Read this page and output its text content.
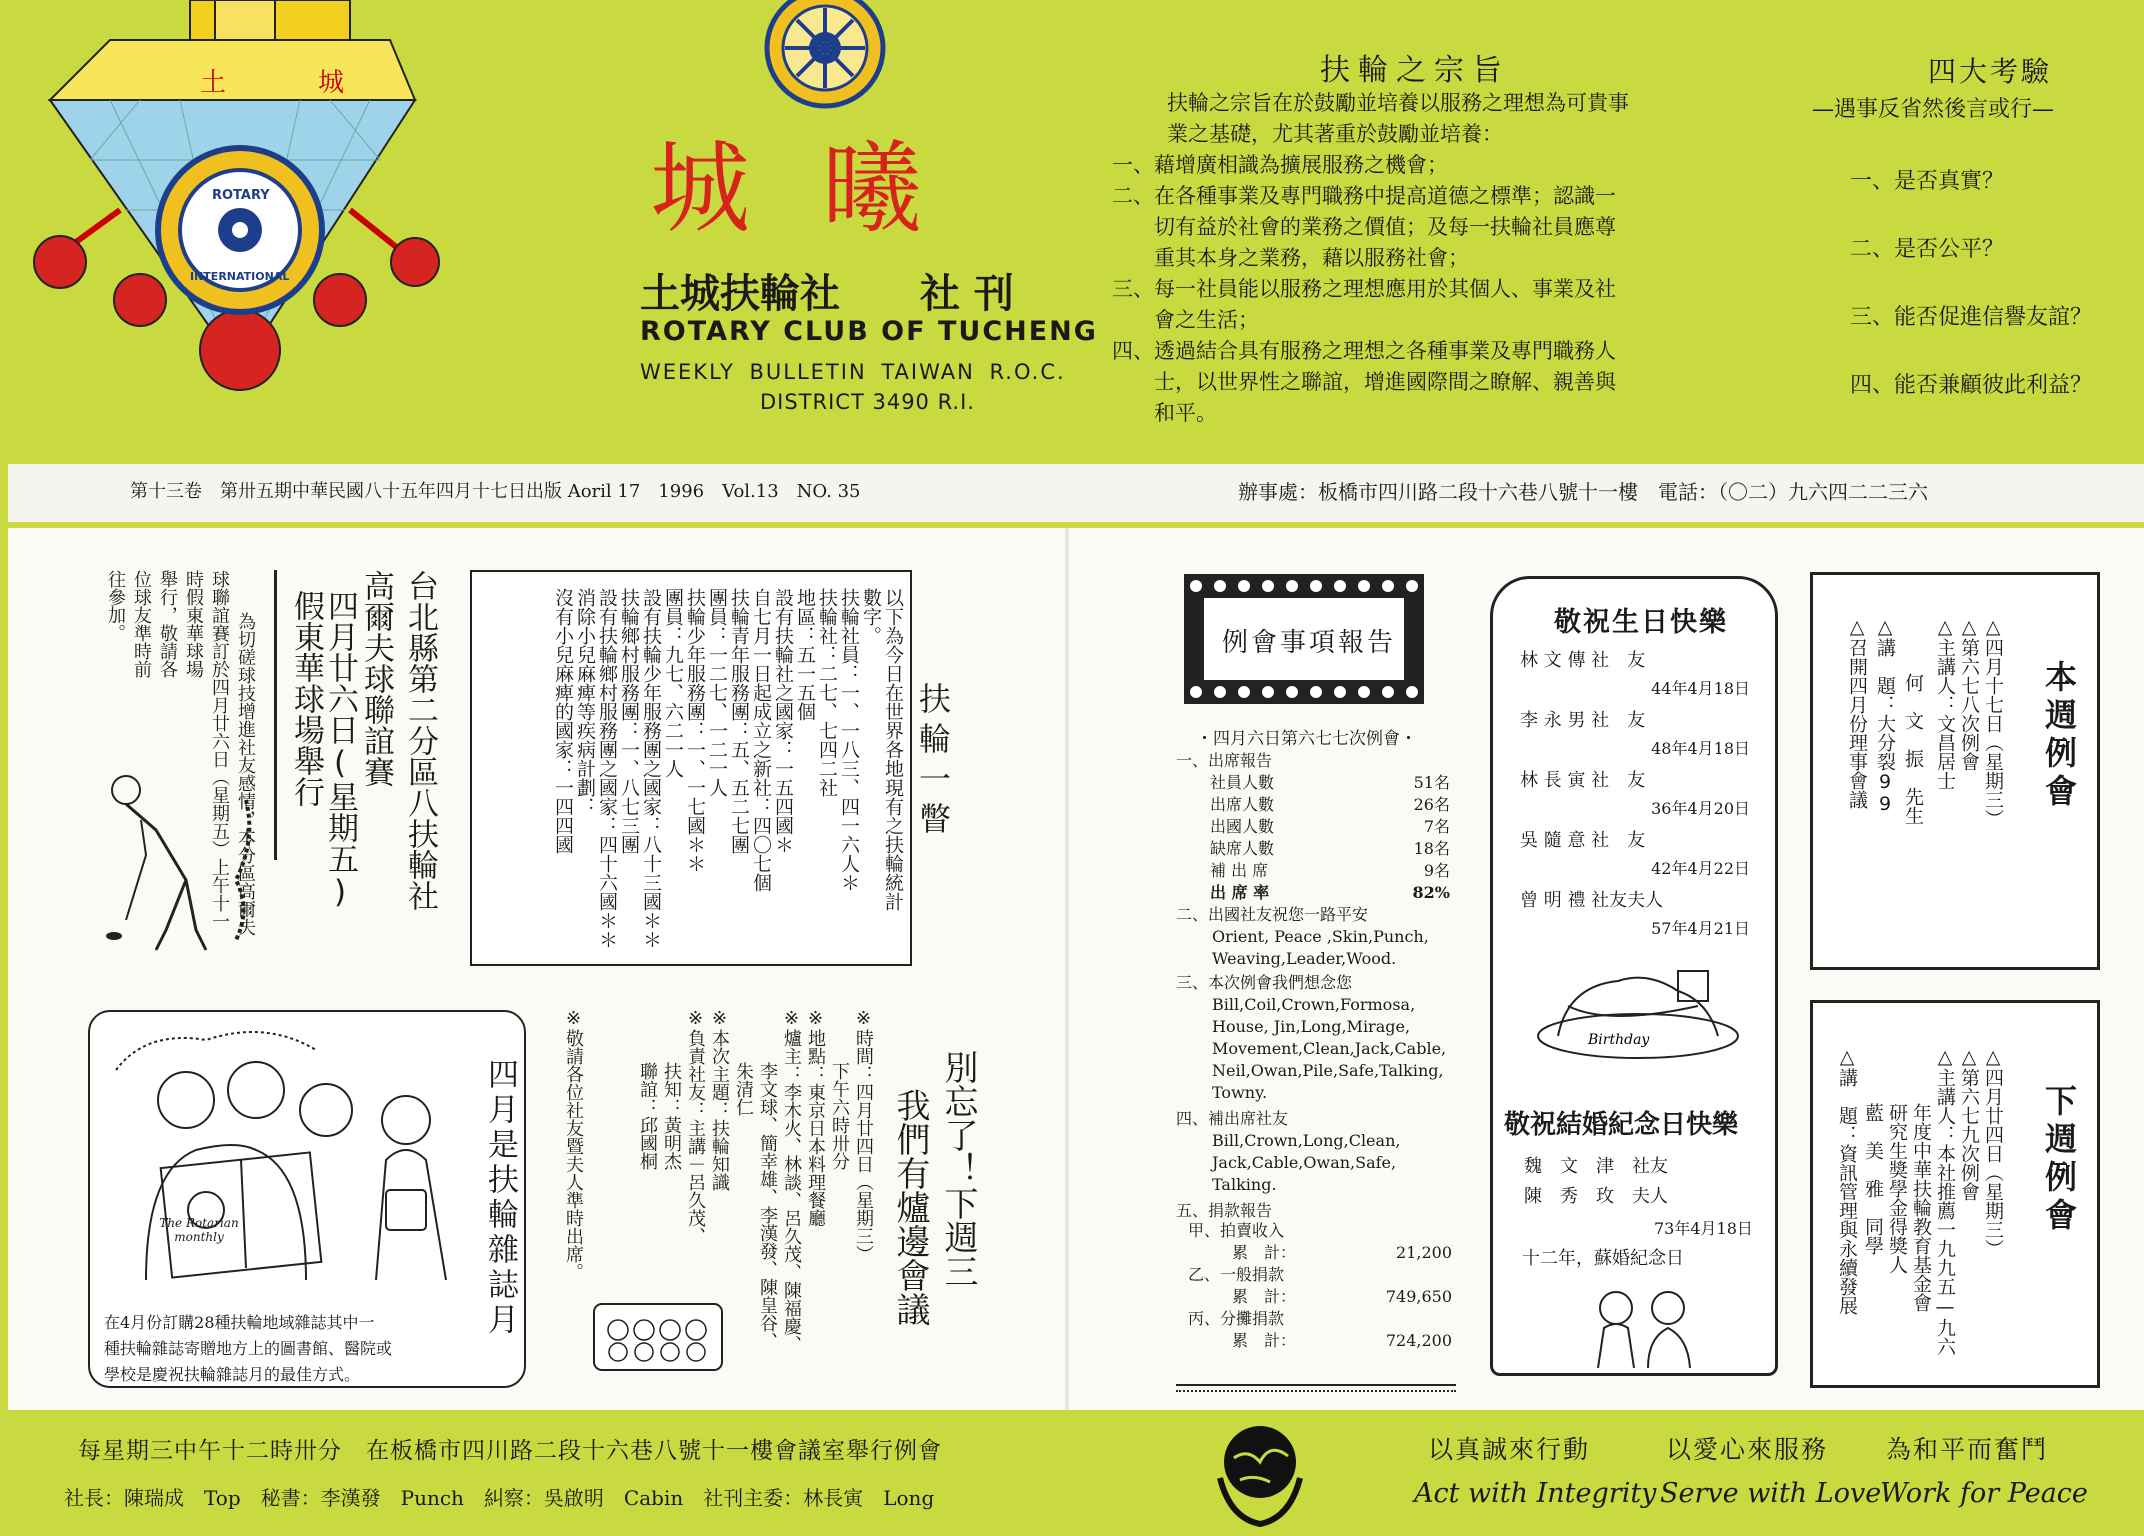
土	城
ROTARY
INTERNATIONAL
城 曦
土城扶輪社　　社 刊
ROTARY CLUB OF TUCHENG
WEEKLY BULLETIN TAIWAN R.O.C.
DISTRICT 3490 R.I.
扶輪之宗旨
扶輪之宗旨在於鼓勵並培養以服務之理想為可貴事
業之基礎，尤其著重於鼓勵並培養：
一、藉增廣相識為擴展服務之機會；
二、在各種事業及專門職務中提高道德之標準；認識一
　　切有益於社會的業務之價值；及每一扶輪社員應尊
　　重其本身之業務，藉以服務社會；
三、每一社員能以服務之理想應用於其個人、事業及社
　　會之生活；
四、透過結合具有服務之理想之各種事業及專門職務人
　　士，以世界性之聯誼，增進國際間之瞭解、親善與
　　和平。
四大考驗
—遇事反省然後言或行—
一、是否真實？
二、是否公平？
三、能否促進信譽友誼？
四、能否兼顧彼此利益？
第十三卷　第卅五期中華民國八十五年四月十七日出版 Aoril 17　1996　Vol.13　NO. 35	辦事處：板橋市四川路二段十六巷八號十一樓　電話：（〇二）九六四二二三六
台北縣第二分區八扶輪社
高爾夫球聯誼賽
四月廿六日(星期五)
假東華球場舉行
為切磋球技增進社友感情，本分區高爾夫
球聯誼賽訂於四月廿六日（星期五）上午十一
時假東華球場
舉行，敬請各
位球友準時前
往參加。
扶輪一瞥
以下為今日在世界各地現有之扶輪統計
數字。
扶輪社員：一、一八三、四一六人＊
扶輪社：二七、七四二社
地區：五一五個
設有扶輪社之國家：一五四國＊
自七月一日起成立之新社：四〇七個
扶輪青年服務團：五、五二七團
團員：一二七、一二一人
扶輪少年服務團：一、一七國＊＊
團員：九七、六二一人
設有扶輪少年服務團之國家：八十三國＊＊
扶輪鄉村服務團：一、八七三團
設有扶輪鄉村服務團之國家：四十六國＊＊
消除小兒麻痺等疾病計劃：
沒有小兒麻痺的國家：一四四國
The Rotarian monthly	四月是扶輪雜誌月
在4月份訂購28種扶輪地域雜誌其中一
種扶輪雜誌寄贈地方上的圖書館、醫院或
學校是慶祝扶輪雜誌月的最佳方式。
別忘了！下週三
我們有爐邊會議
※時間：四月廿四日（星期三）
　　　下午六時卅分
※地點：東京日本料理餐廳
※爐主：李木火、林談、呂久茂、陳福慶、
　　　李文球、簡幸雄、李漢發、陳皇谷、
　　　朱清仁
※本次主題：扶輪知識
※負責社友：主講－呂久茂、
　　　扶知：黃明杰
　　　聯誼：邱國桐
※敬請各位社友暨夫人準時出席。
例會事項報告
・四月六日第六七七次例會・
一、出席報告
社員人數	51名
出席人數	26名
出國人數	7名
缺席人數	18名
補 出 席	9名
出 席 率	82%
二、出國社友祝您一路平安
Orient, Peace ,Skin,Punch,
Weaving,Leader,Wood.
三、本次例會我們想念您
Bill,Coil,Crown,Formosa,
House, Jin,Long,Mirage,
Movement,Clean,Jack,Cable,
Neil,Owan,Pile,Safe,Talking,
Towny.
四、補出席社友
Bill,Crown,Long,Clean,
Jack,Cable,Owan,Safe,
Talking.
五、捐款報告
甲、拍賣收入
累　計：	21,200
乙、一般捐款
累　計：	749,650
丙、分攤捐款
累　計：	724,200
敬祝生日快樂
林 文 傳 社　友
44年4月18日
李 永 男 社　友
48年4月18日
林 長 寅 社　友
36年4月20日
吳 隨 意 社　友
42年4月22日
曾 明 禮 社友夫人
57年4月21日
Birthday
敬祝結婚紀念日快樂
魏　文　津　社友
陳　秀　玫　夫人
73年4月18日
十二年，蘇婚紀念日
本週例會
△四月十七日（星期三）
△第六七八次例會
△主講人：文昌居士
　　　何　文　振　先生
△講　題：大分裂99
△召開四月份理事會議
下週例會
△四月廿四日（星期三）
△第六七九次例會
△主講人：本社推薦一九九五—九六
　　　年度中華扶輪教育基金會
　　　研究生獎學金得獎人
　　　藍　美　雅　同學
△講　題：資訊管理與永續發展
每星期三中午十二時卅分　在板橋市四川路二段十六巷八號十一樓會議室舉行例會
社長：陳瑞成　Top　秘書：李漢發　Punch　糾察：吳啟明　Cabin　社刊主委：林長寅　Long
以真誠來行動	以愛心來服務 為和平而奮鬥
Act with Integrity Serve with Love
Work for Peace
